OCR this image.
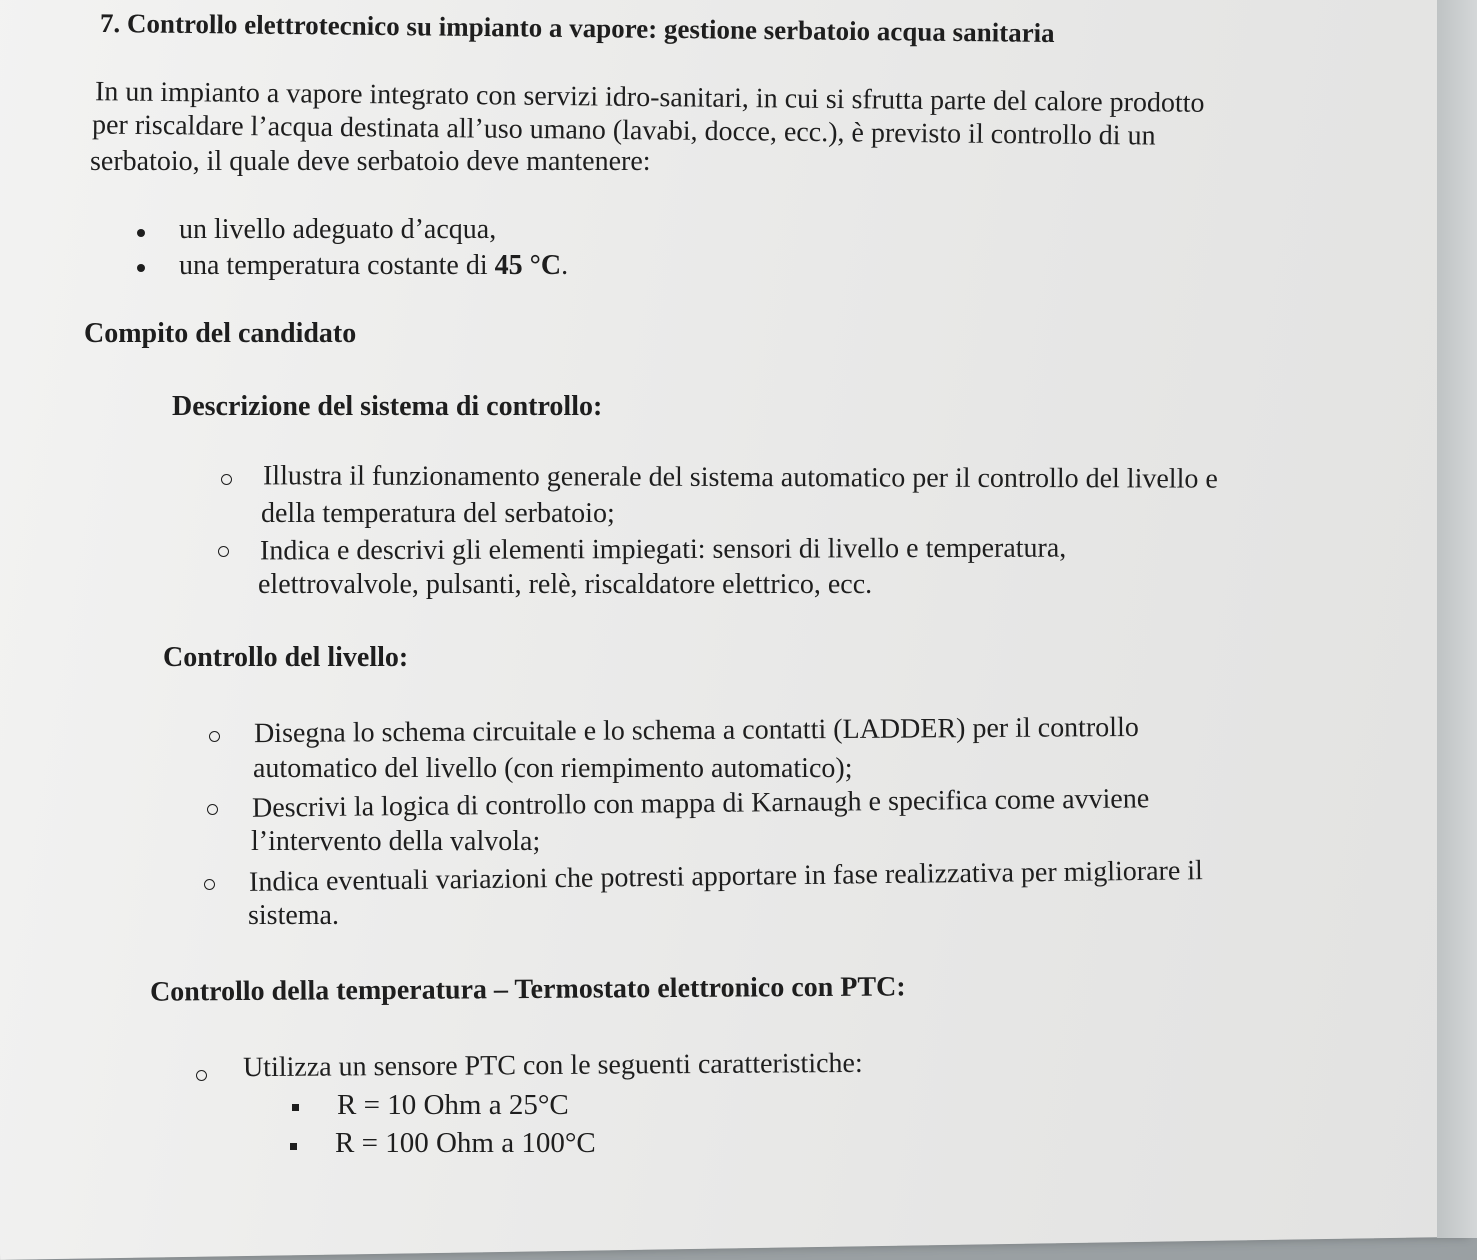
7. Controllo elettrotecnico su impianto a vapore: gestione serbatoio acqua sanitaria
In un impianto a vapore integrato con servizi idro-sanitari, in cui si sfrutta parte del calore prodotto
per riscaldare l’acqua destinata all’uso umano (lavabi, docce, ecc.), è previsto il controllo di un
serbatoio, il quale deve serbatoio deve mantenere:
un livello adeguato d’acqua,
una temperatura costante di 45 °C.
Compito del candidato
Descrizione del sistema di controllo:
Illustra il funzionamento generale del sistema automatico per il controllo del livello e
della temperatura del serbatoio;
Indica e descrivi gli elementi impiegati: sensori di livello e temperatura,
elettrovalvole, pulsanti, relè, riscaldatore elettrico, ecc.
Controllo del livello:
Disegna lo schema circuitale e lo schema a contatti (LADDER) per il controllo
automatico del livello (con riempimento automatico);
Descrivi la logica di controllo con mappa di Karnaugh e specifica come avviene
l’intervento della valvola;
Indica eventuali variazioni che potresti apportare in fase realizzativa per migliorare il
sistema.
Controllo della temperatura – Termostato elettronico con PTC:
Utilizza un sensore PTC con le seguenti caratteristiche:
R = 10 Ohm a 25°C
R = 100 Ohm a 100°C
